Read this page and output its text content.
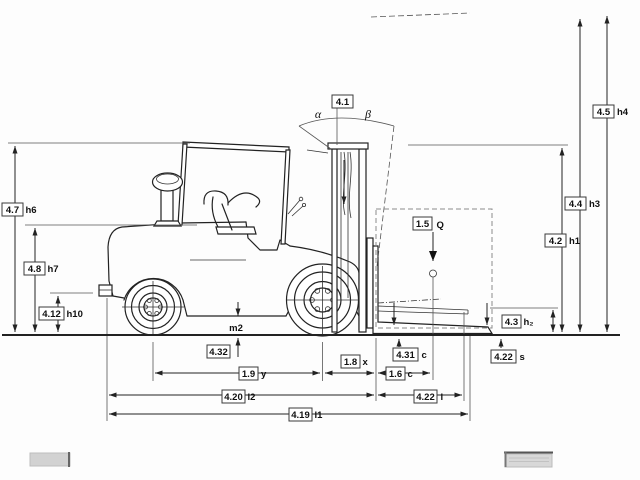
4.1
α	β
1.5 Q
4.7 h6
4.8 h7
4.12 h10
4.5 h4
4.4 h3
4.2 h1
4.3 h₂
4.22 s
4.31 c
1.6 c
1.8 x
1.9 y
4.32
m2
4.20 l2	4.22 l
4.19 l1
